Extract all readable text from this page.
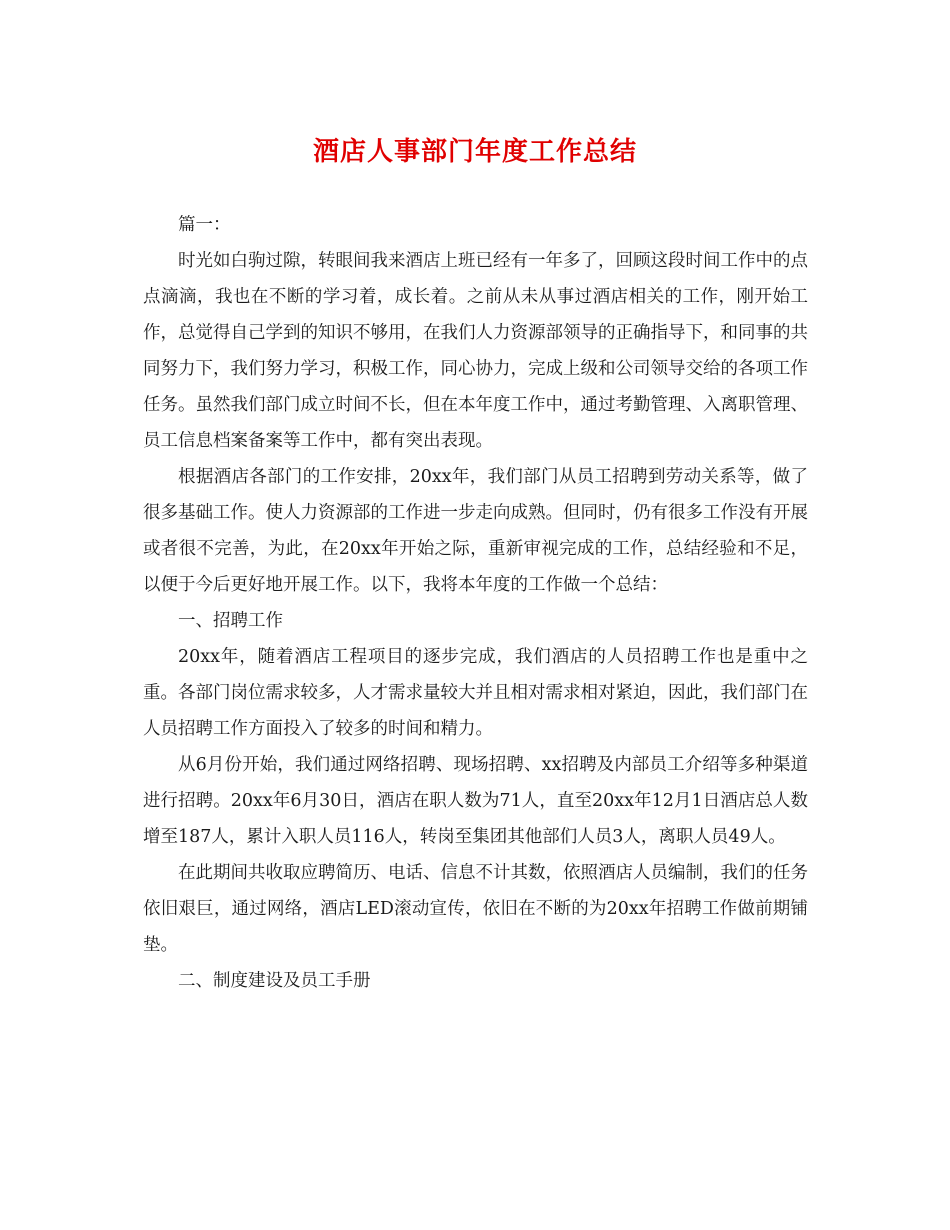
酒店人事部门年度工作总结

篇一：

时光如白驹过隙，转眼间我来酒店上班已经有一年多了，回顾这段时间工作中的点点滴滴，我也在不断的学习着，成长着。之前从未从事过酒店相关的工作，刚开始工作，总觉得自己学到的知识不够用，在我们人力资源部领导的正确指导下，和同事的共同努力下，我们努力学习，积极工作，同心协力，完成上级和公司领导交给的各项工作任务。虽然我们部门成立时间不长，但在本年度工作中，通过考勤管理、入离职管理、员工信息档案备案等工作中，都有突出表现。

根据酒店各部门的工作安排，20xx年，我们部门从员工招聘到劳动关系等，做了很多基础工作。使人力资源部的工作进一步走向成熟。但同时，仍有很多工作没有开展或者很不完善，为此，在20xx年开始之际，重新审视完成的工作，总结经验和不足，以便于今后更好地开展工作。以下，我将本年度的工作做一个总结：

一、招聘工作

20xx年，随着酒店工程项目的逐步完成，我们酒店的人员招聘工作也是重中之重。各部门岗位需求较多，人才需求量较大并且相对需求相对紧迫，因此，我们部门在人员招聘工作方面投入了较多的时间和精力。

从6月份开始，我们通过网络招聘、现场招聘、xx招聘及内部员工介绍等多种渠道进行招聘。20xx年6月30日，酒店在职人数为71人，直至20xx年12月1日酒店总人数增至187人，累计入职人员116人，转岗至集团其他部们人员3人，离职人员49人。

在此期间共收取应聘简历、电话、信息不计其数，依照酒店人员编制，我们的任务依旧艰巨，通过网络，酒店LED滚动宣传，依旧在不断的为20xx年招聘工作做前期铺垫。

二、制度建设及员工手册
